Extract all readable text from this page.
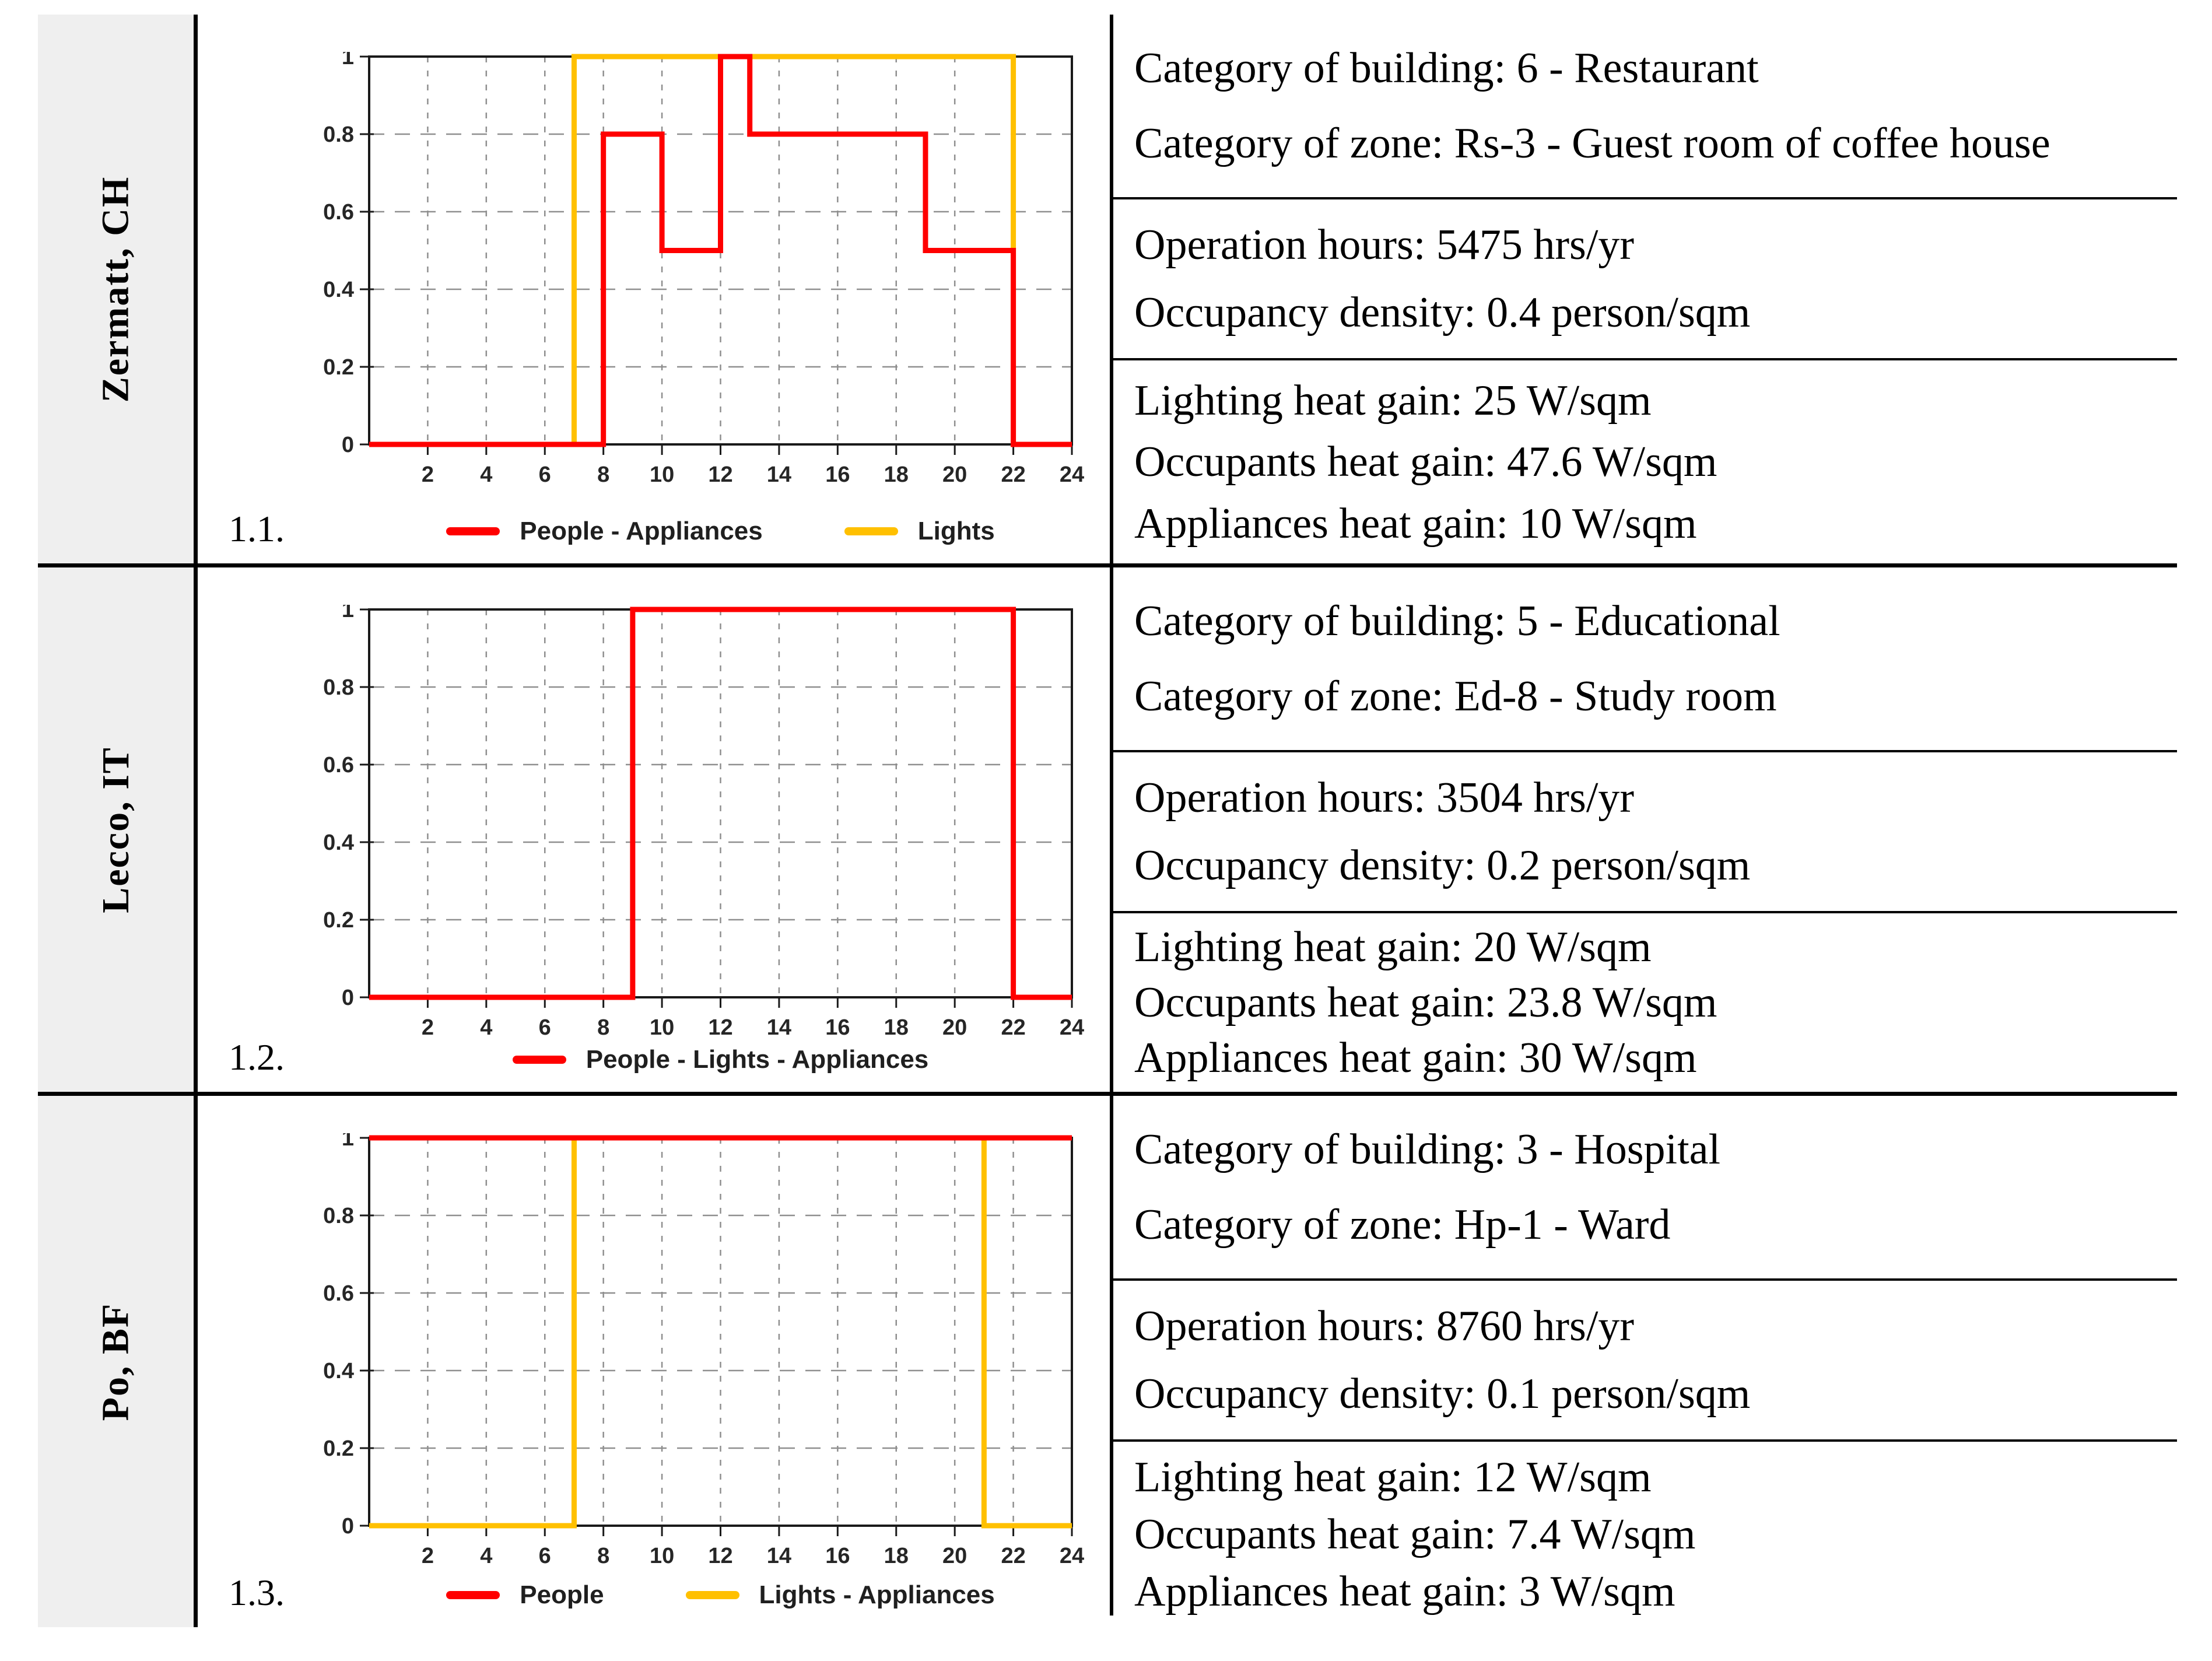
Zermatt, CH
2 4 6 8 10 12 14 16 18 20 22 24
0
0.2
0.4
0.6
0.8
1
People - Appliances	Lights
1.1.

Category of building: 6 - Restaurant

Category of zone: Rs-3 - Guest room of coffee house

Operation hours: 5475 hrs/yr

Occupancy density: 0.4 person/sqm

Lighting heat gain: 25 W/sqm

Occupants heat gain: 47.6 W/sqm

Appliances heat gain: 10 W/sqm

Lecco, IT
2 4 6 8 10 12 14 16 18 20 22 24
0
0.2
0.4
0.6
0.8
1
People - Lights - Appliances
1.2.

Category of building: 5 - Educational

Category of zone: Ed-8 - Study room

Operation hours: 3504 hrs/yr

Occupancy density: 0.2 person/sqm

Lighting heat gain: 20 W/sqm

Occupants heat gain: 23.8 W/sqm

Appliances heat gain: 30 W/sqm

Po, BF
2 4 6 8 10 12 14 16 18 20 22 24
0
0.2
0.4
0.6
0.8
1
People	Lights - Appliances
1.3.

Category of building: 3 - Hospital

Category of zone: Hp-1 - Ward

Operation hours: 8760 hrs/yr

Occupancy density: 0.1 person/sqm

Lighting heat gain: 12 W/sqm

Occupants heat gain: 7.4 W/sqm

Appliances heat gain: 3 W/sqm
